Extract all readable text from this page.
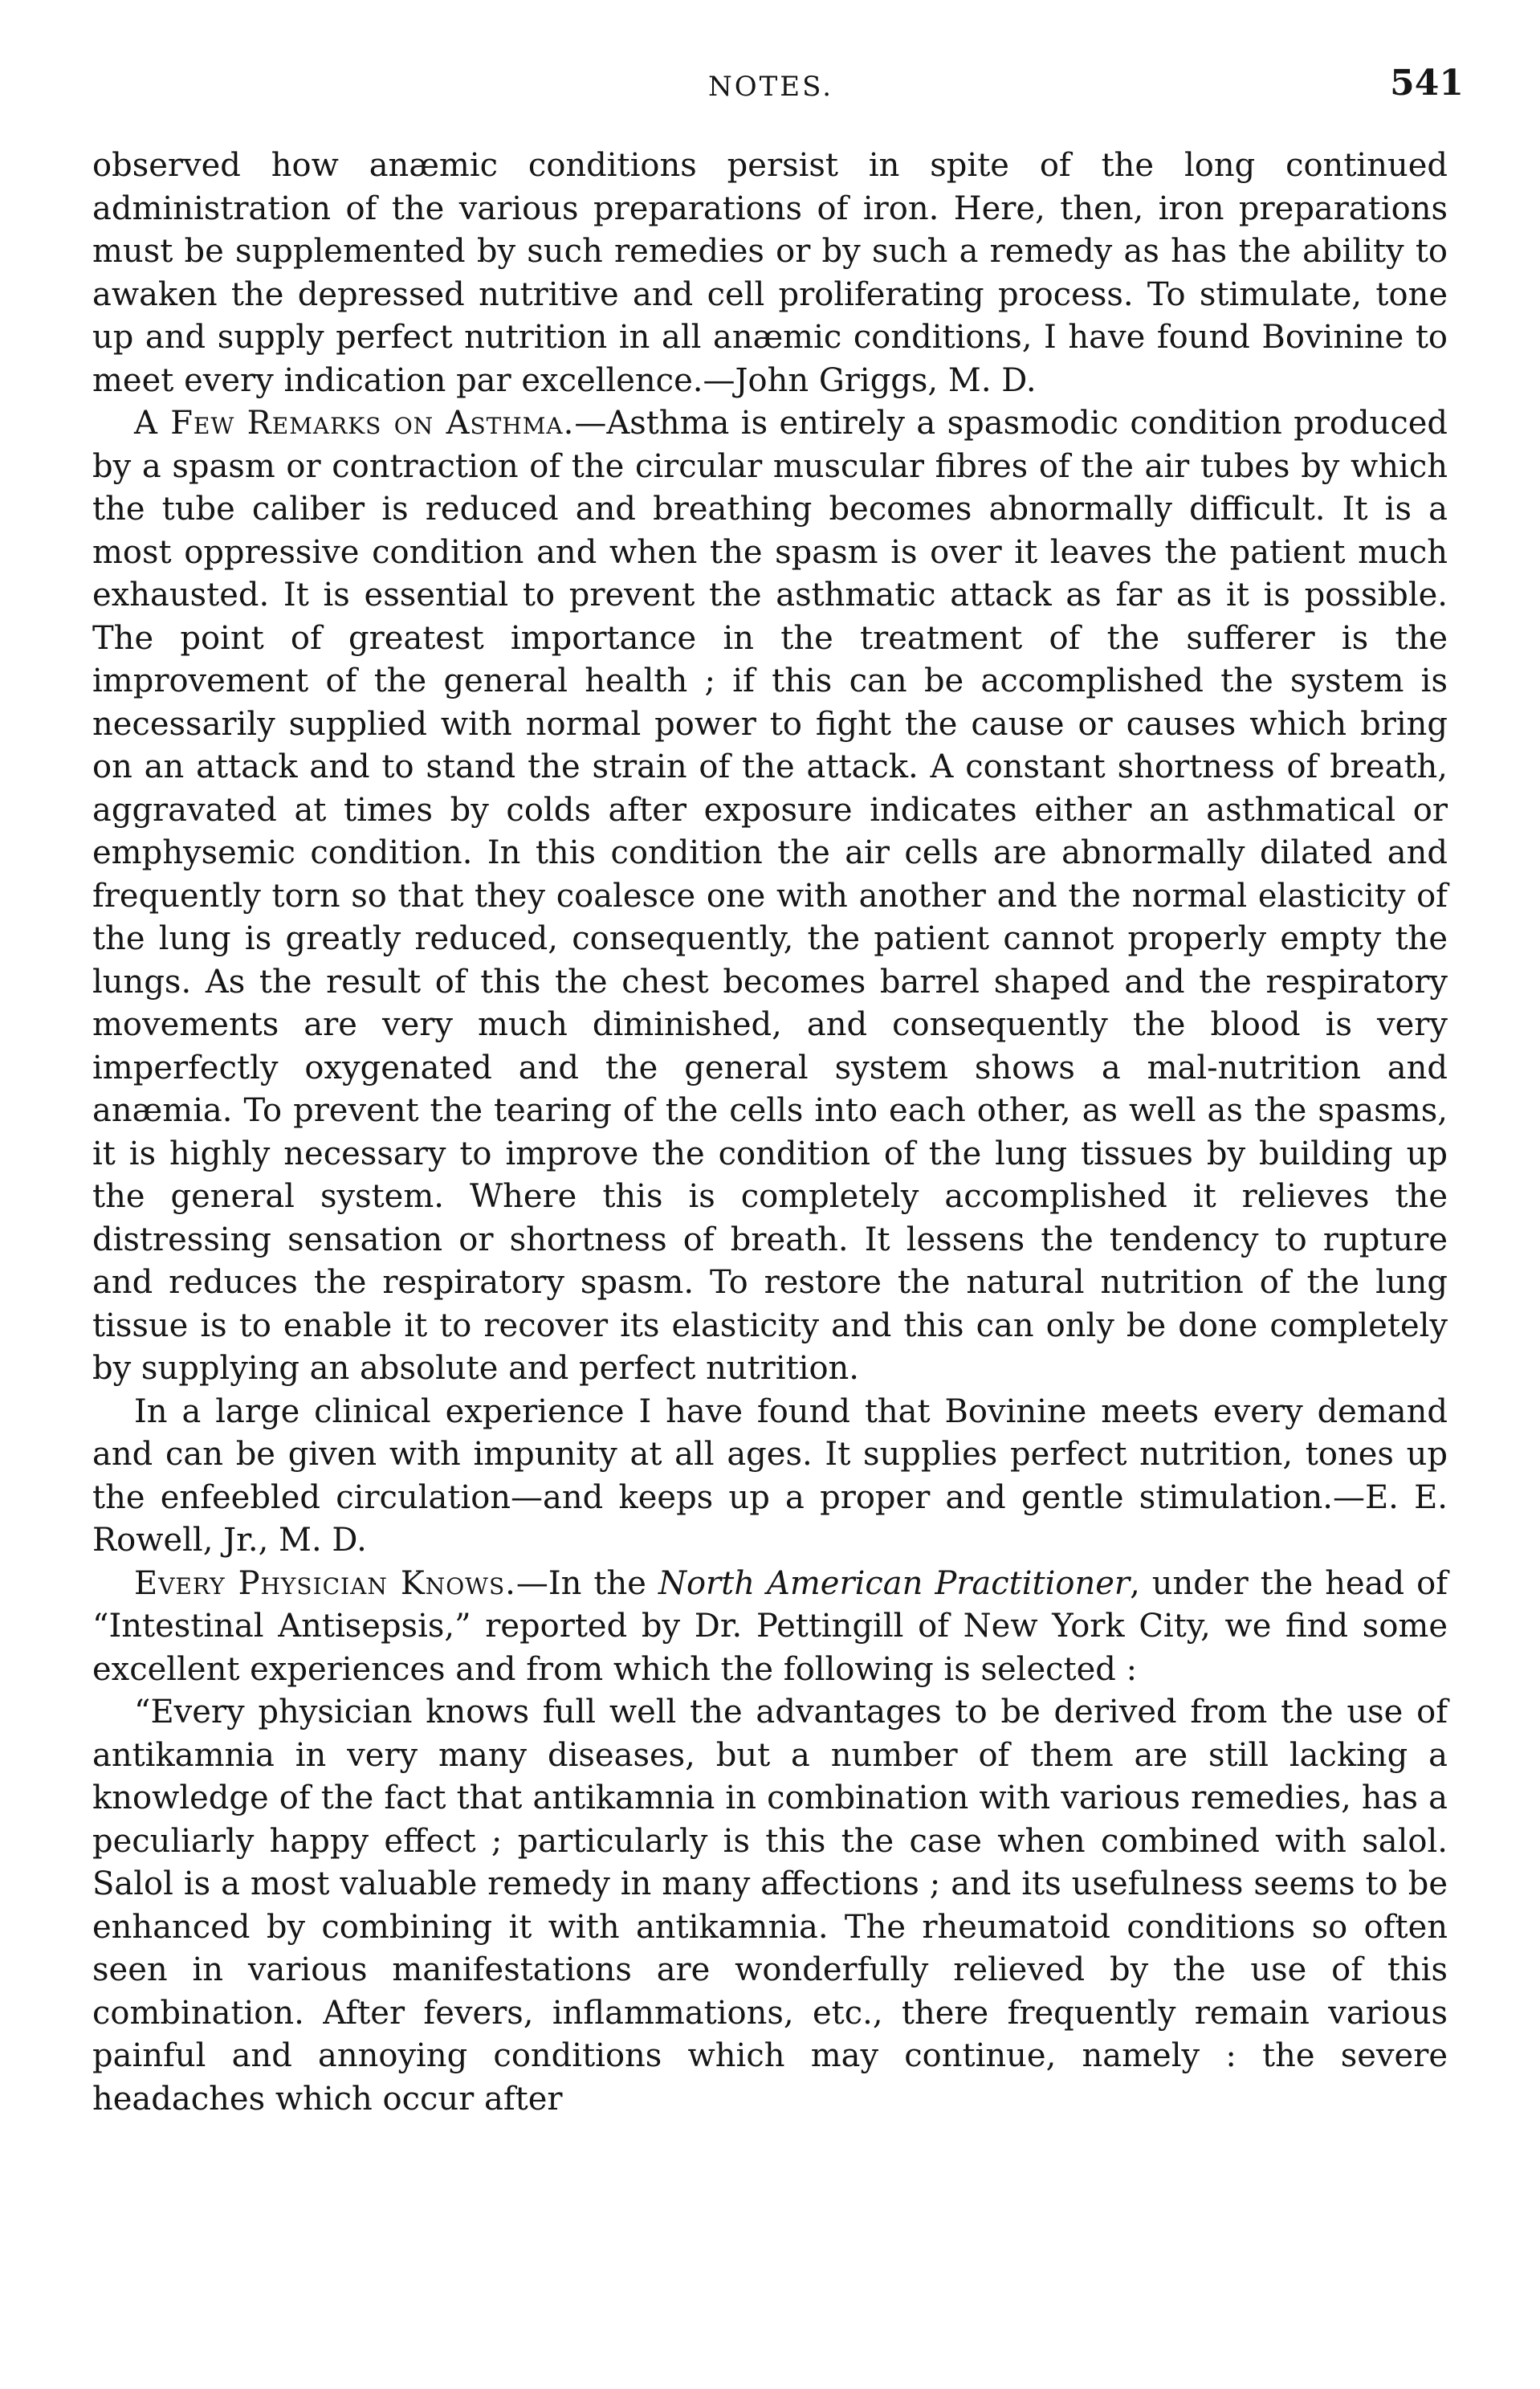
NOTES.	541

observed how anæmic conditions persist in spite of the long continued administration of the various preparations of iron. Here, then, iron preparations must be supplemented by such remedies or by such a remedy as has the ability to awaken the depressed nutritive and cell proliferating process. To stimulate, tone up and supply perfect nutrition in all anæmic conditions, I have found Bovinine to meet every indication par excellence.—John Griggs, M. D.

A Few Remarks on Asthma.—Asthma is entirely a spasmodic condition produced by a spasm or contraction of the circular muscular fibres of the air tubes by which the tube caliber is reduced and breathing becomes abnormally difficult. It is a most oppressive condition and when the spasm is over it leaves the patient much exhausted. It is essential to prevent the asthmatic attack as far as it is possible. The point of greatest importance in the treatment of the sufferer is the improvement of the general health ; if this can be accomplished the system is necessarily supplied with normal power to fight the cause or causes which bring on an attack and to stand the strain of the attack. A constant shortness of breath, aggravated at times by colds after exposure indicates either an asthmatical or emphysemic condition. In this condition the air cells are abnormally dilated and frequently torn so that they coalesce one with another and the normal elasticity of the lung is greatly reduced, consequently, the patient cannot properly empty the lungs. As the result of this the chest becomes barrel shaped and the respiratory movements are very much diminished, and consequently the blood is very imperfectly oxygenated and the general system shows a mal-nutrition and anæmia. To prevent the tearing of the cells into each other, as well as the spasms, it is highly necessary to improve the condition of the lung tissues by building up the general system. Where this is completely accomplished it relieves the distressing sensation or shortness of breath. It lessens the tendency to rupture and reduces the respiratory spasm. To restore the natural nutrition of the lung tissue is to enable it to recover its elasticity and this can only be done completely by supplying an absolute and perfect nutrition.

In a large clinical experience I have found that Bovinine meets every demand and can be given with impunity at all ages. It supplies perfect nutrition, tones up the enfeebled circulation—and keeps up a proper and gentle stimulation.—E. E. Rowell, Jr., M. D.

Every Physician Knows.—In the North American Practitioner, under the head of “Intestinal Antisepsis,” reported by Dr. Pettingill of New York City, we find some excellent experiences and from which the following is selected :

“Every physician knows full well the advantages to be derived from the use of antikamnia in very many diseases, but a number of them are still lacking a knowledge of the fact that antikamnia in combination with various remedies, has a peculiarly happy effect ; particularly is this the case when combined with salol. Salol is a most valuable remedy in many affections ; and its usefulness seems to be enhanced by combining it with antikamnia. The rheumatoid conditions so often seen in various manifestations are wonderfully relieved by the use of this combination. After fevers, inflammations, etc., there frequently remain various painful and annoying conditions which may continue, namely : the severe headaches which occur after
